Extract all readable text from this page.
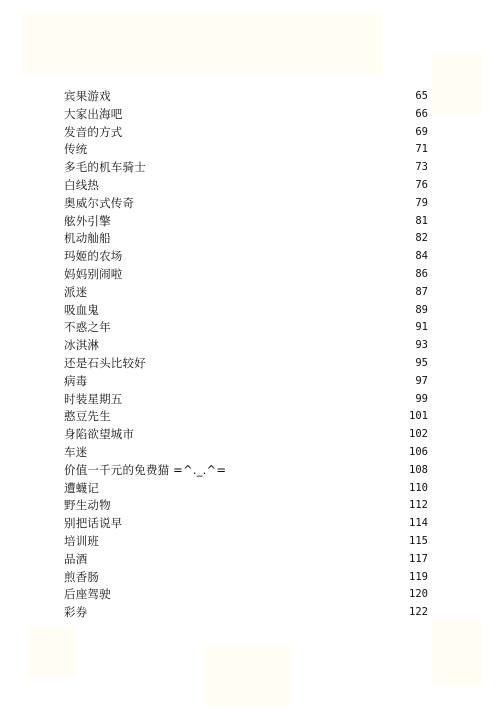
宾果游戏	65
大家出海吧	66
发音的方式	69
传统	71
多毛的机车骑士	73
白线热	76
奥威尔式传奇	79
舷外引擎	81
机动舢船	82
玛姬的农场	84
妈妈别闹啦	86
派迷	87
吸血鬼	89
不惑之年	91
冰淇淋	93
还是石头比较好	95
病毒	97
时装星期五	99
憨豆先生	101
身陷欲望城市	102
车迷	106
价值一千元的免费猫 =^._.^=	108
遭蠛记	110
野生动物	112
别把话说早	114
培训班	115
品酒	117
煎香肠	119
后座驾驶	120
彩券	122
